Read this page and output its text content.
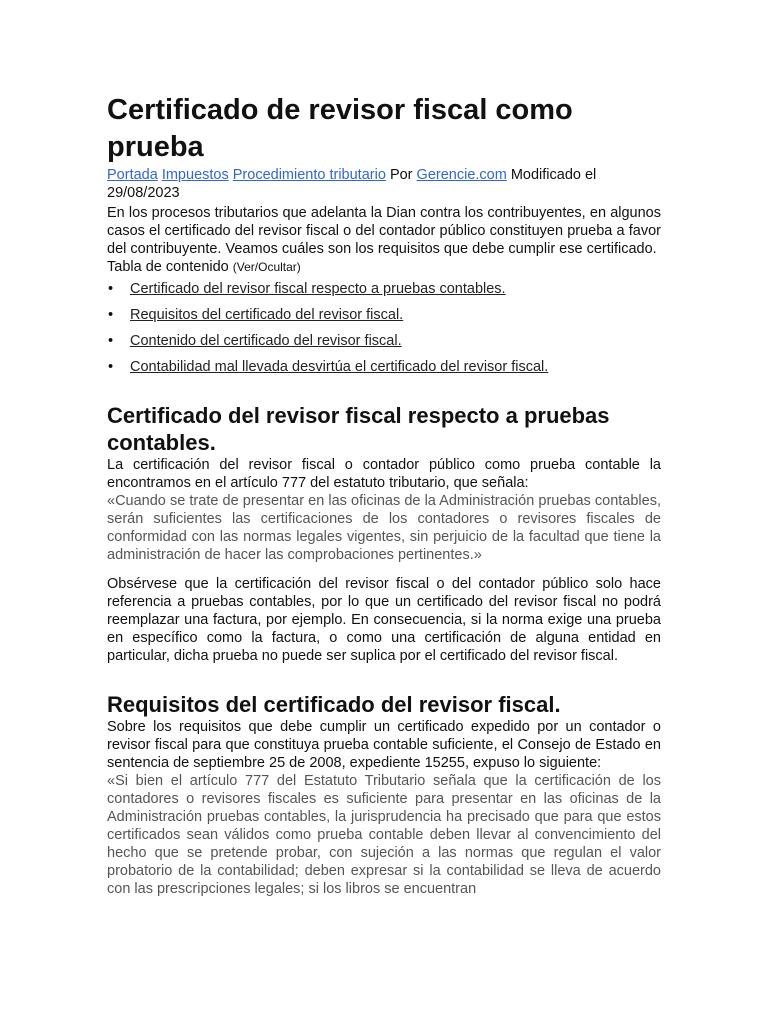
Certificado de revisor fiscal como prueba
Portada Impuestos Procedimiento tributario Por Gerencie.com Modificado el 29/08/2023

En los procesos tributarios que adelanta la Dian contra los contribuyentes, en algunos casos el certificado del revisor fiscal o del contador público constituyen prueba a favor del contribuyente. Veamos cuáles son los requisitos que debe cumplir ese certificado.

Tabla de contenido (Ver/Ocultar)
• Certificado del revisor fiscal respecto a pruebas contables.
• Requisitos del certificado del revisor fiscal.
• Contenido del certificado del revisor fiscal.
• Contabilidad mal llevada desvirtúa el certificado del revisor fiscal.
Certificado del revisor fiscal respecto a pruebas contables.

La certificación del revisor fiscal o contador público como prueba contable la encontramos en el artículo 777 del estatuto tributario, que señala:

«Cuando se trate de presentar en las oficinas de la Administración pruebas contables, serán suficientes las certificaciones de los contadores o revisores fiscales de conformidad con las normas legales vigentes, sin perjuicio de la facultad que tiene la administración de hacer las comprobaciones pertinentes.»

Obsérvese que la certificación del revisor fiscal o del contador público solo hace referencia a pruebas contables, por lo que un certificado del revisor fiscal no podrá reemplazar una factura, por ejemplo. En consecuencia, si la norma exige una prueba en específico como la factura, o como una certificación de alguna entidad en particular, dicha prueba no puede ser suplica por el certificado del revisor fiscal.

Requisitos del certificado del revisor fiscal.

Sobre los requisitos que debe cumplir un certificado expedido por un contador o revisor fiscal para que constituya prueba contable suficiente, el Consejo de Estado en sentencia de septiembre 25 de 2008, expediente 15255, expuso lo siguiente:

«Si bien el artículo 777 del Estatuto Tributario señala que la certificación de los contadores o revisores fiscales es suficiente para presentar en las oficinas de la Administración pruebas contables, la jurisprudencia ha precisado que para que estos certificados sean válidos como prueba contable deben llevar al convencimiento del hecho que se pretende probar, con sujeción a las normas que regulan el valor probatorio de la contabilidad; deben expresar si la contabilidad se lleva de acuerdo con las prescripciones legales; si los libros se encuentran
